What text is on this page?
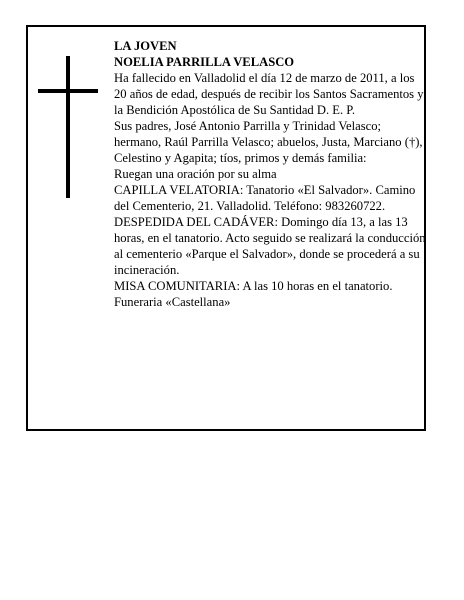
LA JOVEN

NOELIA PARRILLA VELASCO

Ha fallecido en Valladolid el día 12 de marzo de 2011, a los 20 años de edad, después de recibir los Santos Sacramentos y la Bendición Apostólica de Su Santidad D. E. P.

Sus padres, José Antonio Parrilla y Trinidad Velasco; hermano, Raúl Parrilla Velasco; abuelos, Justa, Marciano (†), Celestino y Agapita; tíos, primos y demás familia:

Ruegan una oración por su alma

CAPILLA VELATORIA: Tanatorio «El Salvador». Camino del Cementerio, 21. Valladolid. Teléfono: 983260722.

DESPEDIDA DEL CADÁVER: Domingo día 13, a las 13 horas, en el tanatorio. Acto seguido se realizará la conducción al cementerio «Parque el Salvador», donde se procederá a su incineración.

MISA COMUNITARIA: A las 10 horas en el tanatorio.

Funeraria «Castellana»
